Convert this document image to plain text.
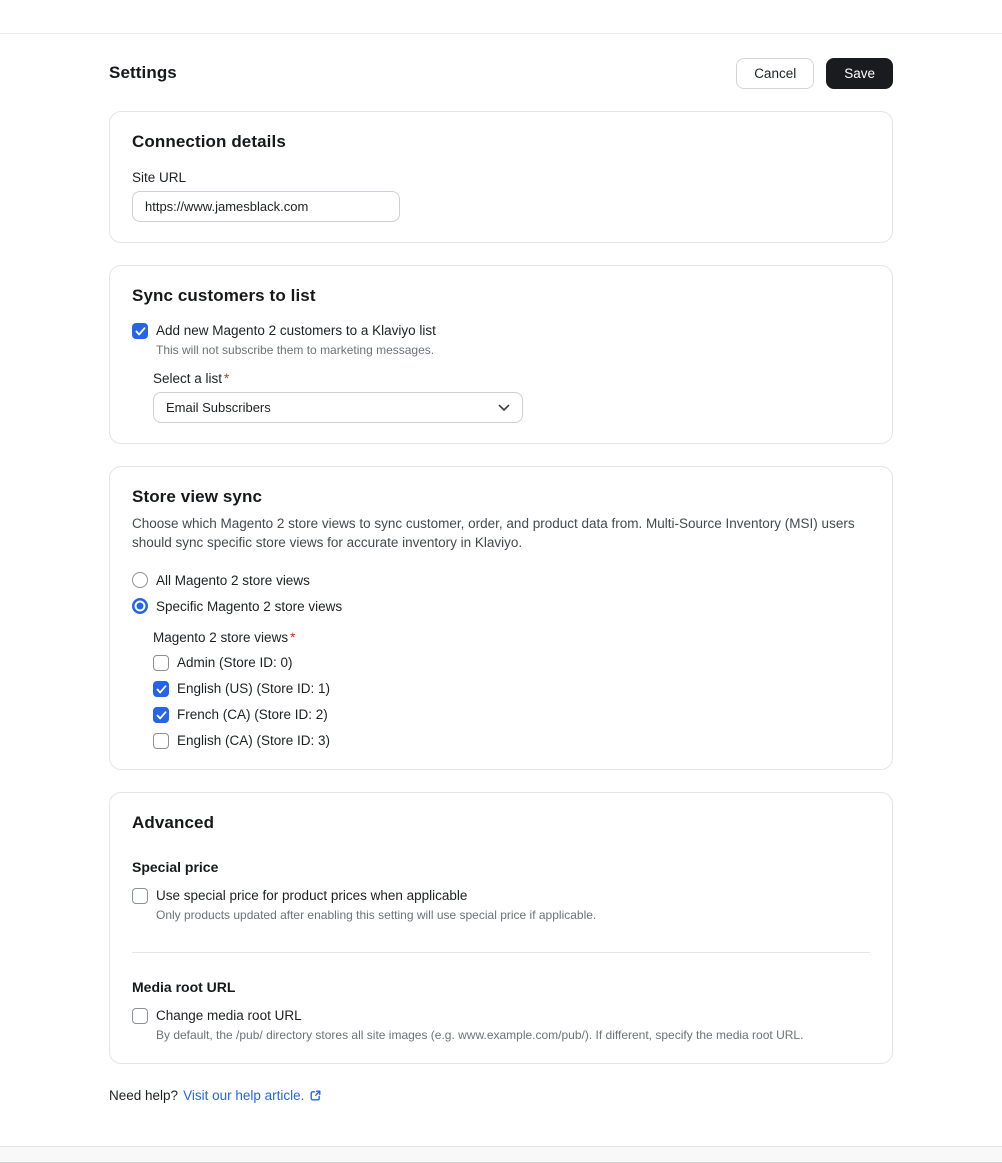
Settings	Cancel	Save
Connection details
Site URL
https://www.jamesblack.com
Sync customers to list
Add new Magento 2 customers to a Klaviyo list
This will not subscribe them to marketing messages.
Select a list *
Email Subscribers
Store view sync
Choose which Magento 2 store views to sync customer, order, and product data from. Multi-Source Inventory (MSI) users should sync specific store views for accurate inventory in Klaviyo.
All Magento 2 store views
Specific Magento 2 store views
Magento 2 store views *
Admin (Store ID: 0)
English (US) (Store ID: 1)
French (CA) (Store ID: 2)
English (CA) (Store ID: 3)
Advanced
Special price
Use special price for product prices when applicable
Only products updated after enabling this setting will use special price if applicable.
Media root URL
Change media root URL
By default, the /pub/ directory stores all site images (e.g. www.example.com/pub/). If different, specify the media root URL.
Need help? Visit our help article.
